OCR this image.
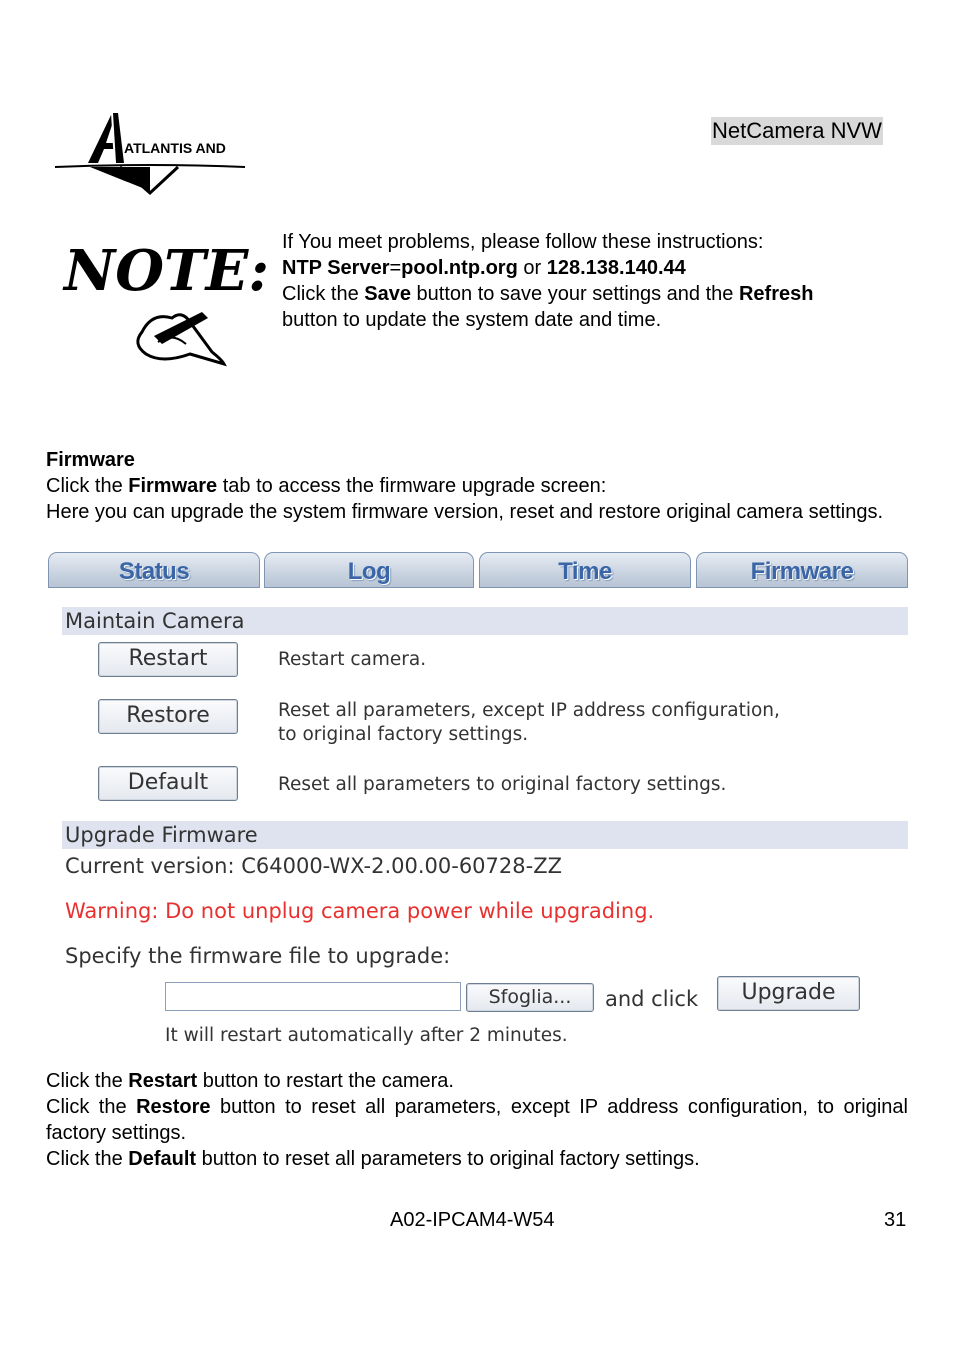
ATLANTIS AND
NetCamera NVW
NOTE: If You meet problems, please follow these instructions:
NTP Server=pool.ntp.org or 128.138.140.44
Click the Save button to save your settings and the Refresh
button to update the system date and time.

Firmware

Click the Firmware tab to access the firmware upgrade screen:

Here you can upgrade the system firmware version, reset and restore original camera settings.

Status	Log	Time	Firmware
Maintain Camera
Restart	Restart camera.
Restore	Reset all parameters, except IP address configuration,
to original factory settings.
Default	Reset all parameters to original factory settings.
Upgrade Firmware
Current version: C64000-WX-2.00.00-60728-ZZ
Warning: Do not unplug camera power while upgrading.
Specify the firmware file to upgrade:
Sfoglia...	and click	Upgrade
It will restart automatically after 2 minutes.

Click the Restart button to restart the camera.

Click the Restore button to reset all parameters, except IP address configuration, to original factory settings.

Click the Default button to reset all parameters to original factory settings.

A02-IPCAM4-W54	31
